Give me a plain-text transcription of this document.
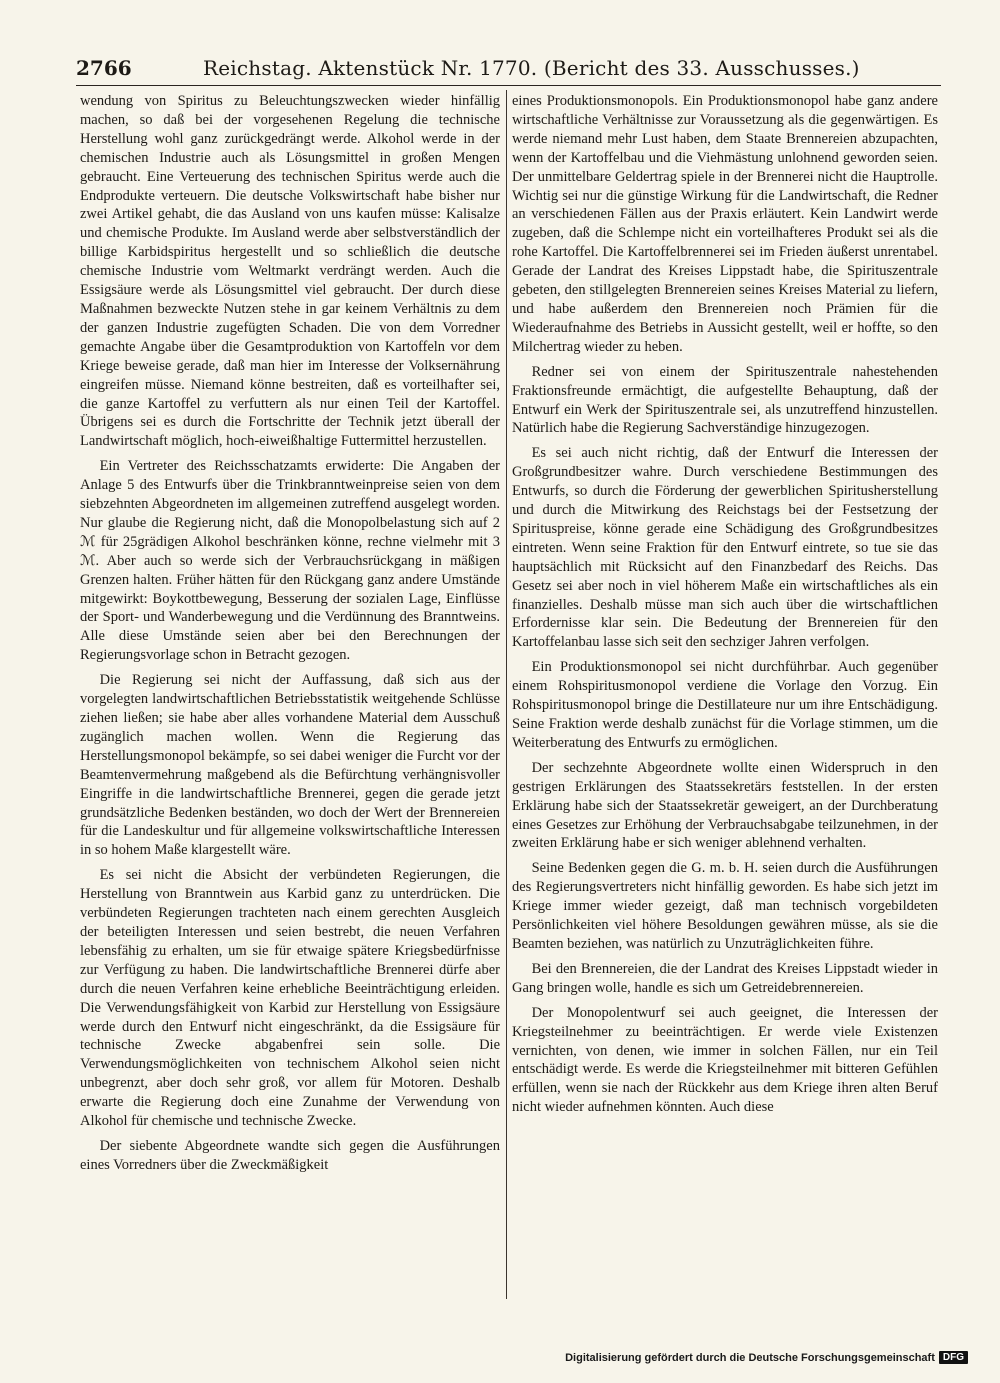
2766	Reichstag. Aktenstück Nr. 1770. (Bericht des 33. Ausschusses.)

wendung von Spiritus zu Beleuchtungszwecken wieder hinfällig machen, so daß bei der vorgesehenen Regelung die technische Herstellung wohl ganz zurückgedrängt werde. Alkohol werde in der chemischen Industrie auch als Lösungsmittel in großen Mengen gebraucht. Eine Verteuerung des technischen Spiritus werde auch die Endprodukte verteuern. Die deutsche Volkswirtschaft habe bisher nur zwei Artikel gehabt, die das Ausland von uns kaufen müsse: Kalisalze und chemische Produkte. Im Ausland werde aber selbstverständlich der billige Karbidspiritus hergestellt und so schließlich die deutsche chemische Industrie vom Weltmarkt verdrängt werden. Auch die Essigsäure werde als Lösungsmittel viel gebraucht. Der durch diese Maßnahmen bezweckte Nutzen stehe in gar keinem Verhältnis zu dem der ganzen Industrie zugefügten Schaden. Die von dem Vorredner gemachte Angabe über die Gesamtproduktion von Kartoffeln vor dem Kriege beweise gerade, daß man hier im Interesse der Volksernährung eingreifen müsse. Niemand könne bestreiten, daß es vorteilhafter sei, die ganze Kartoffel zu verfuttern als nur einen Teil der Kartoffel. Übrigens sei es durch die Fortschritte der Technik jetzt überall der Landwirtschaft möglich, hoch-eiweißhaltige Futtermittel herzustellen.

Ein Vertreter des Reichsschatzamts erwiderte: Die Angaben der Anlage 5 des Entwurfs über die Trinkbranntweinpreise seien von dem siebzehnten Abgeordneten im allgemeinen zutreffend ausgelegt worden. Nur glaube die Regierung nicht, daß die Monopolbelastung sich auf 2 ℳ für 25grädigen Alkohol beschränken könne, rechne vielmehr mit 3 ℳ. Aber auch so werde sich der Verbrauchsrückgang in mäßigen Grenzen halten. Früher hätten für den Rückgang ganz andere Umstände mitgewirkt: Boykottbewegung, Besserung der sozialen Lage, Einflüsse der Sport- und Wanderbewegung und die Verdünnung des Branntweins. Alle diese Umstände seien aber bei den Berechnungen der Regierungsvorlage schon in Betracht gezogen.

Die Regierung sei nicht der Auffassung, daß sich aus der vorgelegten landwirtschaftlichen Betriebsstatistik weitgehende Schlüsse ziehen ließen; sie habe aber alles vorhandene Material dem Ausschuß zugänglich machen wollen. Wenn die Regierung das Herstellungsmonopol bekämpfe, so sei dabei weniger die Furcht vor der Beamtenvermehrung maßgebend als die Befürchtung verhängnisvoller Eingriffe in die landwirtschaftliche Brennerei, gegen die gerade jetzt grundsätzliche Bedenken beständen, wo doch der Wert der Brennereien für die Landeskultur und für allgemeine volkswirtschaftliche Interessen in so hohem Maße klargestellt wäre.

Es sei nicht die Absicht der verbündeten Regierungen, die Herstellung von Branntwein aus Karbid ganz zu unterdrücken. Die verbündeten Regierungen trachteten nach einem gerechten Ausgleich der beteiligten Interessen und seien bestrebt, die neuen Verfahren lebensfähig zu erhalten, um sie für etwaige spätere Kriegsbedürfnisse zur Verfügung zu haben. Die landwirtschaftliche Brennerei dürfe aber durch die neuen Verfahren keine erhebliche Beeinträchtigung erleiden. Die Verwendungsfähigkeit von Karbid zur Herstellung von Essigsäure werde durch den Entwurf nicht eingeschränkt, da die Essigsäure für technische Zwecke abgabenfrei sein solle. Die Verwendungsmöglichkeiten von technischem Alkohol seien nicht unbegrenzt, aber doch sehr groß, vor allem für Motoren. Deshalb erwarte die Regierung doch eine Zunahme der Verwendung von Alkohol für chemische und technische Zwecke.

Der siebente Abgeordnete wandte sich gegen die Ausführungen eines Vorredners über die Zweckmäßigkeit

eines Produktionsmonopols. Ein Produktionsmonopol habe ganz andere wirtschaftliche Verhältnisse zur Voraussetzung als die gegenwärtigen. Es werde niemand mehr Lust haben, dem Staate Brennereien abzupachten, wenn der Kartoffelbau und die Viehmästung unlohnend geworden seien. Der unmittelbare Geldertrag spiele in der Brennerei nicht die Hauptrolle. Wichtig sei nur die günstige Wirkung für die Landwirtschaft, die Redner an verschiedenen Fällen aus der Praxis erläutert. Kein Landwirt werde zugeben, daß die Schlempe nicht ein vorteilhafteres Produkt sei als die rohe Kartoffel. Die Kartoffelbrennerei sei im Frieden äußerst unrentabel. Gerade der Landrat des Kreises Lippstadt habe, die Spirituszentrale gebeten, den stillgelegten Brennereien seines Kreises Material zu liefern, und habe außerdem den Brennereien noch Prämien für die Wiederaufnahme des Betriebs in Aussicht gestellt, weil er hoffte, so den Milchertrag wieder zu heben.

Redner sei von einem der Spirituszentrale nahestehenden Fraktionsfreunde ermächtigt, die aufgestellte Behauptung, daß der Entwurf ein Werk der Spirituszentrale sei, als unzutreffend hinzustellen. Natürlich habe die Regierung Sachverständige hinzugezogen.

Es sei auch nicht richtig, daß der Entwurf die Interessen der Großgrundbesitzer wahre. Durch verschiedene Bestimmungen des Entwurfs, so durch die Förderung der gewerblichen Spiritusherstellung und durch die Mitwirkung des Reichstags bei der Festsetzung der Spirituspreise, könne gerade eine Schädigung des Großgrundbesitzes eintreten. Wenn seine Fraktion für den Entwurf eintrete, so tue sie das hauptsächlich mit Rücksicht auf den Finanzbedarf des Reichs. Das Gesetz sei aber noch in viel höherem Maße ein wirtschaftliches als ein finanzielles. Deshalb müsse man sich auch über die wirtschaftlichen Erfordernisse klar sein. Die Bedeutung der Brennereien für den Kartoffelanbau lasse sich seit den sechziger Jahren verfolgen.

Ein Produktionsmonopol sei nicht durchführbar. Auch gegenüber einem Rohspiritusmonopol verdiene die Vorlage den Vorzug. Ein Rohspiritusmonopol bringe die Destillateure nur um ihre Entschädigung. Seine Fraktion werde deshalb zunächst für die Vorlage stimmen, um die Weiterberatung des Entwurfs zu ermöglichen.

Der sechzehnte Abgeordnete wollte einen Widerspruch in den gestrigen Erklärungen des Staatssekretärs feststellen. In der ersten Erklärung habe sich der Staatssekretär geweigert, an der Durchberatung eines Gesetzes zur Erhöhung der Verbrauchsabgabe teilzunehmen, in der zweiten Erklärung habe er sich weniger ablehnend verhalten.

Seine Bedenken gegen die G. m. b. H. seien durch die Ausführungen des Regierungsvertreters nicht hinfällig geworden. Es habe sich jetzt im Kriege immer wieder gezeigt, daß man technisch vorgebildeten Persönlichkeiten viel höhere Besoldungen gewähren müsse, als sie die Beamten beziehen, was natürlich zu Unzuträglichkeiten führe.

Bei den Brennereien, die der Landrat des Kreises Lippstadt wieder in Gang bringen wolle, handle es sich um Getreidebrennereien.

Der Monopolentwurf sei auch geeignet, die Interessen der Kriegsteilnehmer zu beeinträchtigen. Er werde viele Existenzen vernichten, von denen, wie immer in solchen Fällen, nur ein Teil entschädigt werde. Es werde die Kriegsteilnehmer mit bitteren Gefühlen erfüllen, wenn sie nach der Rückkehr aus dem Kriege ihren alten Beruf nicht wieder aufnehmen könnten. Auch diese

Digitalisierung gefördert durch die Deutsche Forschungsgemeinschaft DFG
